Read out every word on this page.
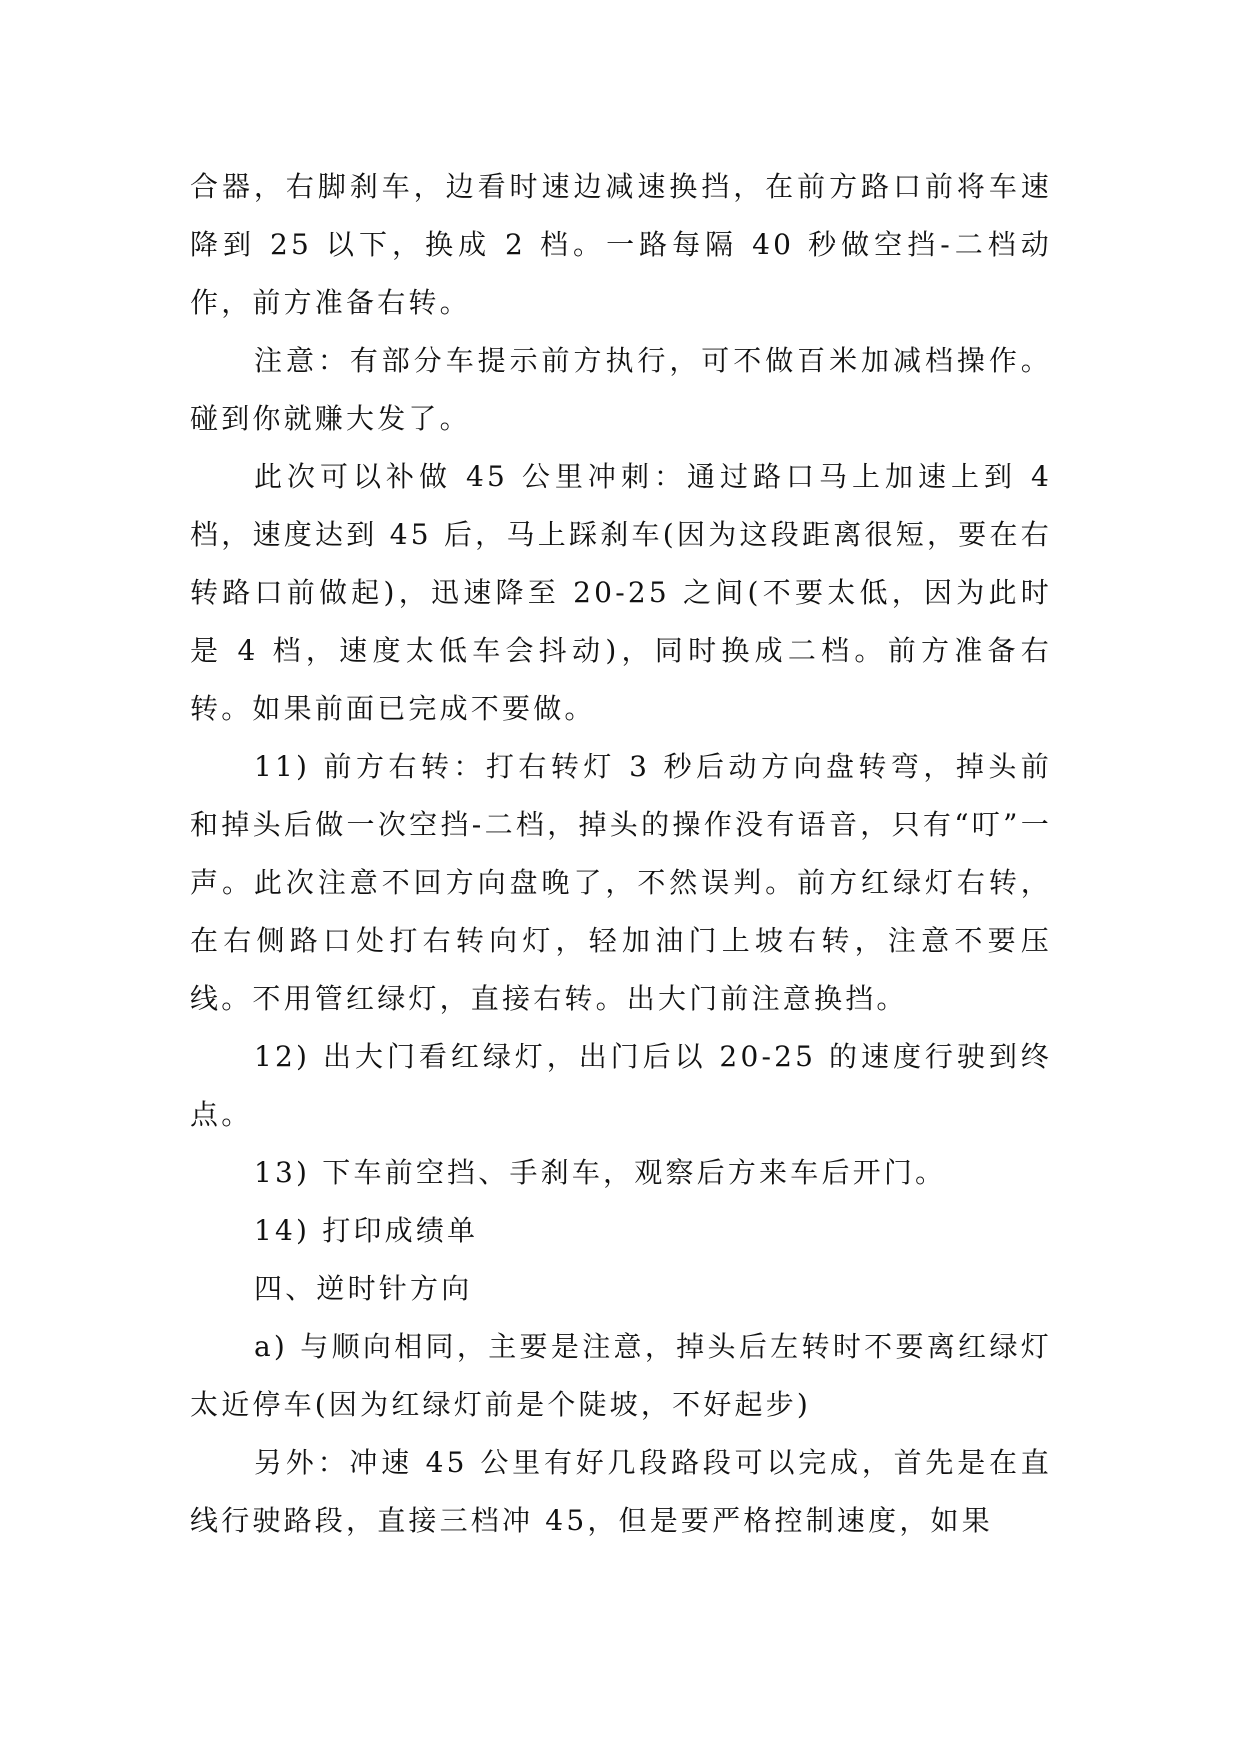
合器，右脚刹车，边看时速边减速换挡，在前方路口前将车速降到 25 以下，换成 2 档。一路每隔 40 秒做空挡-二档动作，前方准备右转。

注意：有部分车提示前方执行，可不做百米加减档操作。碰到你就赚大发了。

此次可以补做 45 公里冲刺：通过路口马上加速上到 4 档，速度达到 45 后，马上踩刹车(因为这段距离很短，要在右转路口前做起)，迅速降至 20-25 之间(不要太低，因为此时是 4 档，速度太低车会抖动)，同时换成二档。前方准备右转。如果前面已完成不要做。

11) 前方右转：打右转灯 3 秒后动方向盘转弯，掉头前和掉头后做一次空挡-二档，掉头的操作没有语音，只有“叮”一声。此次注意不回方向盘晚了，不然误判。前方红绿灯右转，在右侧路口处打右转向灯，轻加油门上坡右转，注意不要压线。不用管红绿灯，直接右转。出大门前注意换挡。

12) 出大门看红绿灯，出门后以 20-25 的速度行驶到终点。

13) 下车前空挡、手刹车，观察后方来车后开门。

14) 打印成绩单

四、逆时针方向

a) 与顺向相同，主要是注意，掉头后左转时不要离红绿灯太近停车(因为红绿灯前是个陡坡，不好起步)

另外：冲速 45 公里有好几段路段可以完成，首先是在直线行驶路段，直接三档冲 45，但是要严格控制速度，如果
